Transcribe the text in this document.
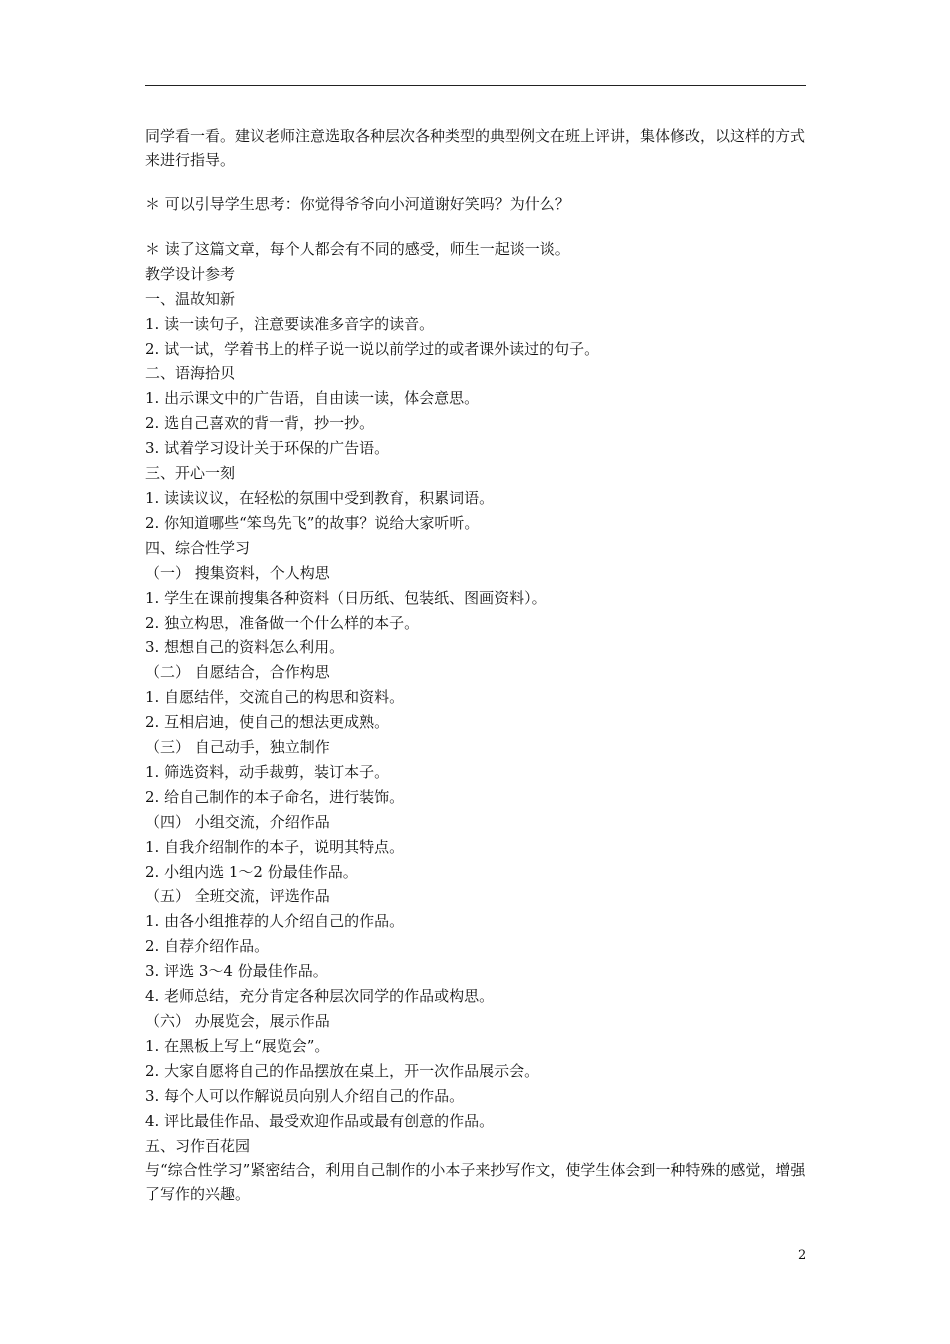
同学看一看。建议老师注意选取各种层次各种类型的典型例文在班上评讲，集体修改，以这样的方式来进行指导。

＊ 可以引导学生思考：你觉得爷爷向小河道谢好笑吗？为什么？

＊ 读了这篇文章，每个人都会有不同的感受，师生一起谈一谈。

教学设计参考

一、温故知新

1. 读一读句子，注意要读准多音字的读音。

2. 试一试，学着书上的样子说一说以前学过的或者课外读过的句子。

二、语海拾贝

1. 出示课文中的广告语，自由读一读，体会意思。

2. 选自己喜欢的背一背，抄一抄。

3. 试着学习设计关于环保的广告语。

三、开心一刻

1. 读读议议，在轻松的氛围中受到教育，积累词语。

2. 你知道哪些“笨鸟先飞”的故事？说给大家听听。

四、综合性学习

（一） 搜集资料，个人构思

1. 学生在课前搜集各种资料（日历纸、包装纸、图画资料）。

2. 独立构思，准备做一个什么样的本子。

3. 想想自己的资料怎么利用。

（二） 自愿结合，合作构思

1. 自愿结伴，交流自己的构思和资料。

2. 互相启迪，使自己的想法更成熟。

（三） 自己动手，独立制作

1. 筛选资料，动手裁剪，装订本子。

2. 给自己制作的本子命名，进行装饰。

（四） 小组交流，介绍作品

1. 自我介绍制作的本子，说明其特点。

2. 小组内选 1～2 份最佳作品。

（五） 全班交流，评选作品

1. 由各小组推荐的人介绍自己的作品。

2. 自荐介绍作品。

3. 评选 3～4 份最佳作品。

4. 老师总结，充分肯定各种层次同学的作品或构思。

（六） 办展览会，展示作品

1. 在黑板上写上“展览会”。

2. 大家自愿将自己的作品摆放在桌上，开一次作品展示会。

3. 每个人可以作解说员向别人介绍自己的作品。

4. 评比最佳作品、最受欢迎作品或最有创意的作品。

五、习作百花园

与“综合性学习”紧密结合，利用自己制作的小本子来抄写作文，使学生体会到一种特殊的感觉，增强了写作的兴趣。

2
